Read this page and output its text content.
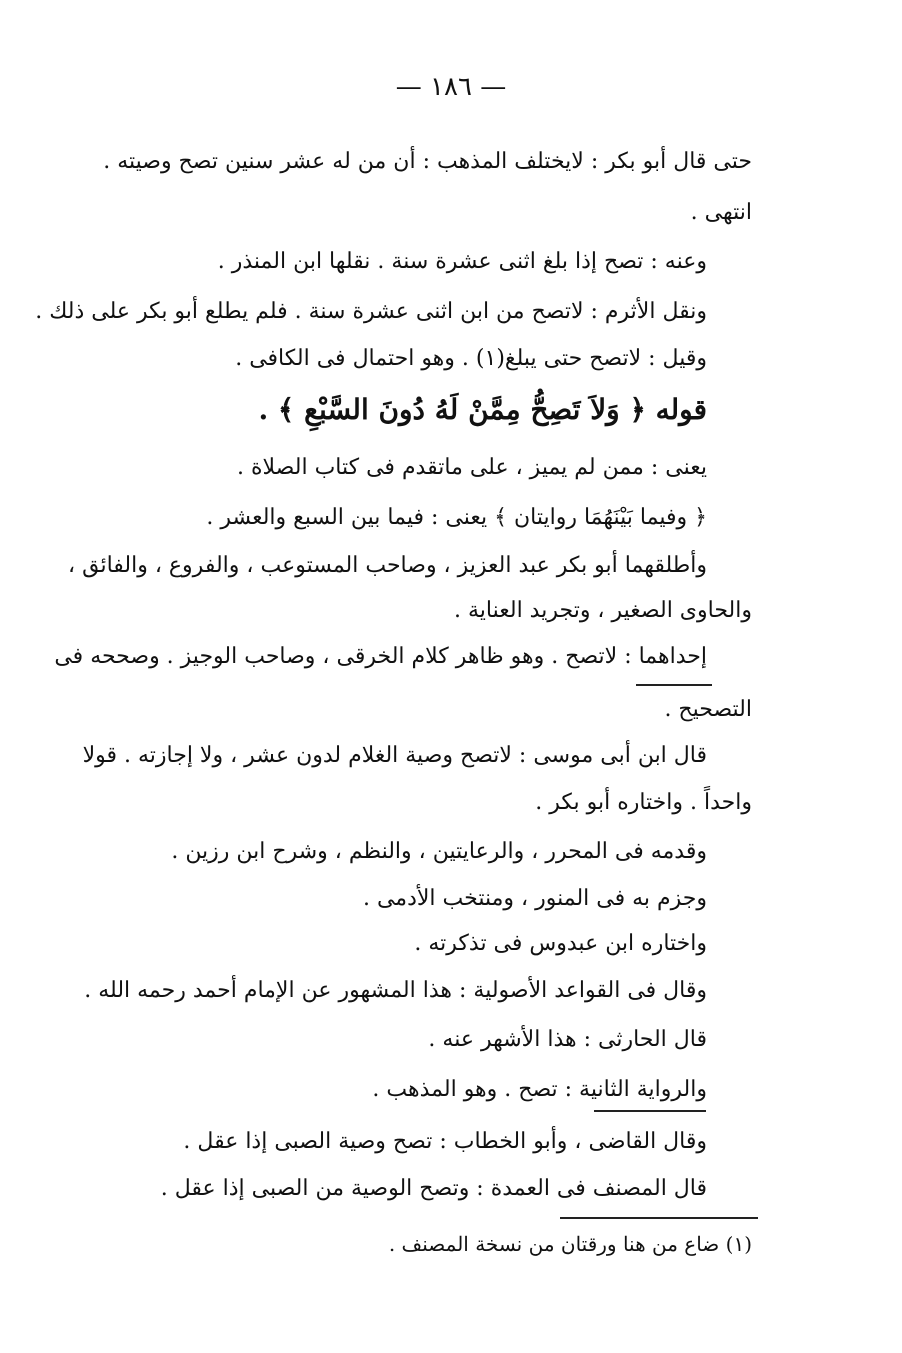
— ١٨٦ —
حتى قال أبو بكر : لايختلف المذهب : أن من له عشر سنين تصح وصيته .
انتهى .
وعنه : تصح إذا بلغ اثنى عشرة سنة . نقلها ابن المنذر .
ونقل الأثرم : لاتصح من ابن اثنى عشرة سنة . فلم يطلع أبو بكر على ذلك .
وقيل : لاتصح حتى يبلغ(١) . وهو احتمال فى الكافى .
قوله ﴿ وَلاَ تَصِحُّ مِمَّنْ لَهُ دُونَ السَّبْعِ ﴾ .
يعنى : ممن لم يميز ، على ماتقدم فى كتاب الصلاة .
﴿ وفيما بَيْنَهُمَا روايتان ﴾ يعنى : فيما بين السبع والعشر .
وأطلقهما أبو بكر عبد العزيز ، وصاحب المستوعب ، والفروع ، والفائق ،
والحاوى الصغير ، وتجريد العناية .
إحداهما : لاتصح . وهو ظاهر كلام الخرقى ، وصاحب الوجيز . وصححه فى
التصحيح .
قال ابن أبى موسى : لاتصح وصية الغلام لدون عشر ، ولا إجازته . قولا
واحداً . واختاره أبو بكر .
وقدمه فى المحرر ، والرعايتين ، والنظم ، وشرح ابن رزين .
وجزم به فى المنور ، ومنتخب الأدمى .
واختاره ابن عبدوس فى تذكرته .
وقال فى القواعد الأصولية : هذا المشهور عن الإمام أحمد رحمه الله .
قال الحارثى : هذا الأشهر عنه .
والرواية الثانية : تصح . وهو المذهب .
وقال القاضى ، وأبو الخطاب : تصح وصية الصبى إذا عقل .
قال المصنف فى العمدة : وتصح الوصية من الصبى إذا عقل .
(١) ضاع من هنا ورقتان من نسخة المصنف .
